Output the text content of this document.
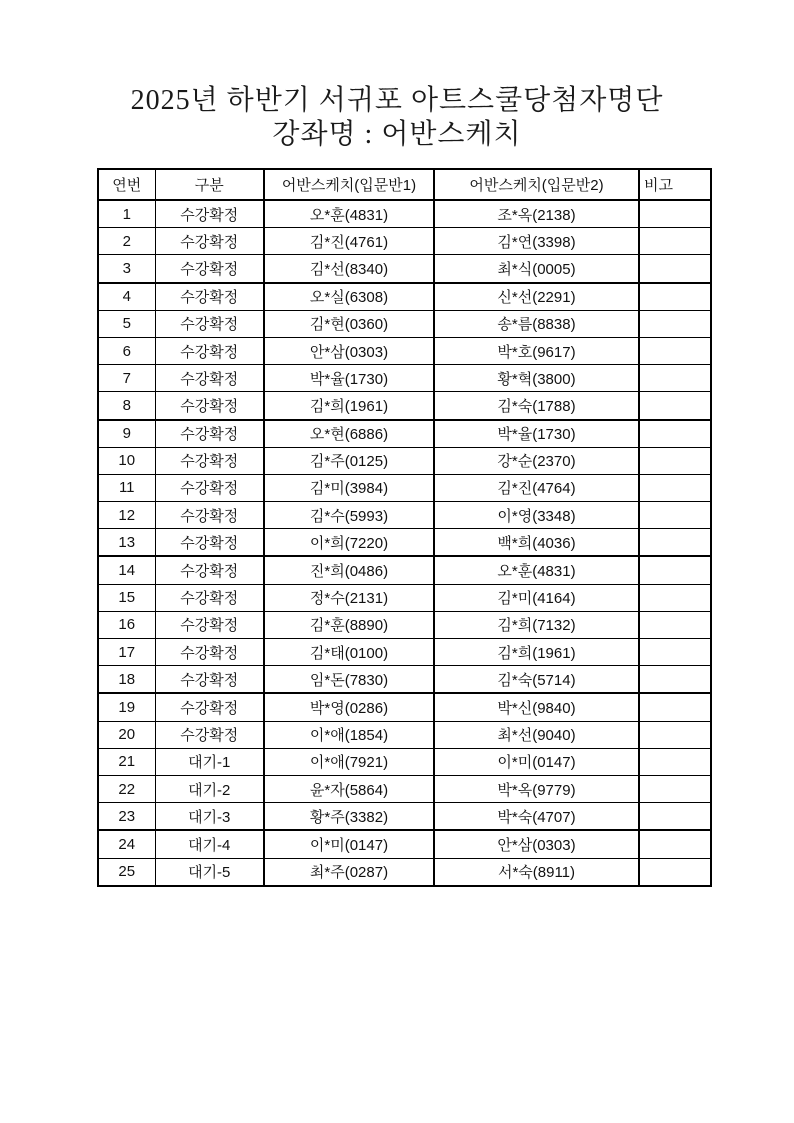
2025년 하반기 서귀포 아트스쿨당첨자명단
강좌명 : 어반스케치
연번	구분	어반스케치(입문반1)	어반스케치(입문반2)	비고
1	수강확정	오*훈(4831)	조*옥(2138)	
2	수강확정	김*진(4761)	김*연(3398)	
3	수강확정	김*선(8340)	최*식(0005)	
4	수강확정	오*실(6308)	신*선(2291)	
5	수강확정	김*현(0360)	송*름(8838)	
6	수강확정	안*삼(0303)	박*호(9617)	
7	수강확정	박*율(1730)	황*혁(3800)	
8	수강확정	김*희(1961)	김*숙(1788)	
9	수강확정	오*현(6886)	박*율(1730)	
10	수강확정	김*주(0125)	강*순(2370)	
11	수강확정	김*미(3984)	김*진(4764)	
12	수강확정	김*수(5993)	이*영(3348)	
13	수강확정	이*희(7220)	백*희(4036)	
14	수강확정	진*희(0486)	오*훈(4831)	
15	수강확정	정*수(2131)	김*미(4164)	
16	수강확정	김*훈(8890)	김*희(7132)	
17	수강확정	김*태(0100)	김*희(1961)	
18	수강확정	임*돈(7830)	김*숙(5714)	
19	수강확정	박*영(0286)	박*신(9840)	
20	수강확정	이*애(1854)	최*선(9040)	
21	대기-1	이*애(7921)	이*미(0147)	
22	대기-2	윤*자(5864)	박*옥(9779)	
23	대기-3	황*주(3382)	박*숙(4707)	
24	대기-4	이*미(0147)	안*삼(0303)	
25	대기-5	최*주(0287)	서*숙(8911)	
